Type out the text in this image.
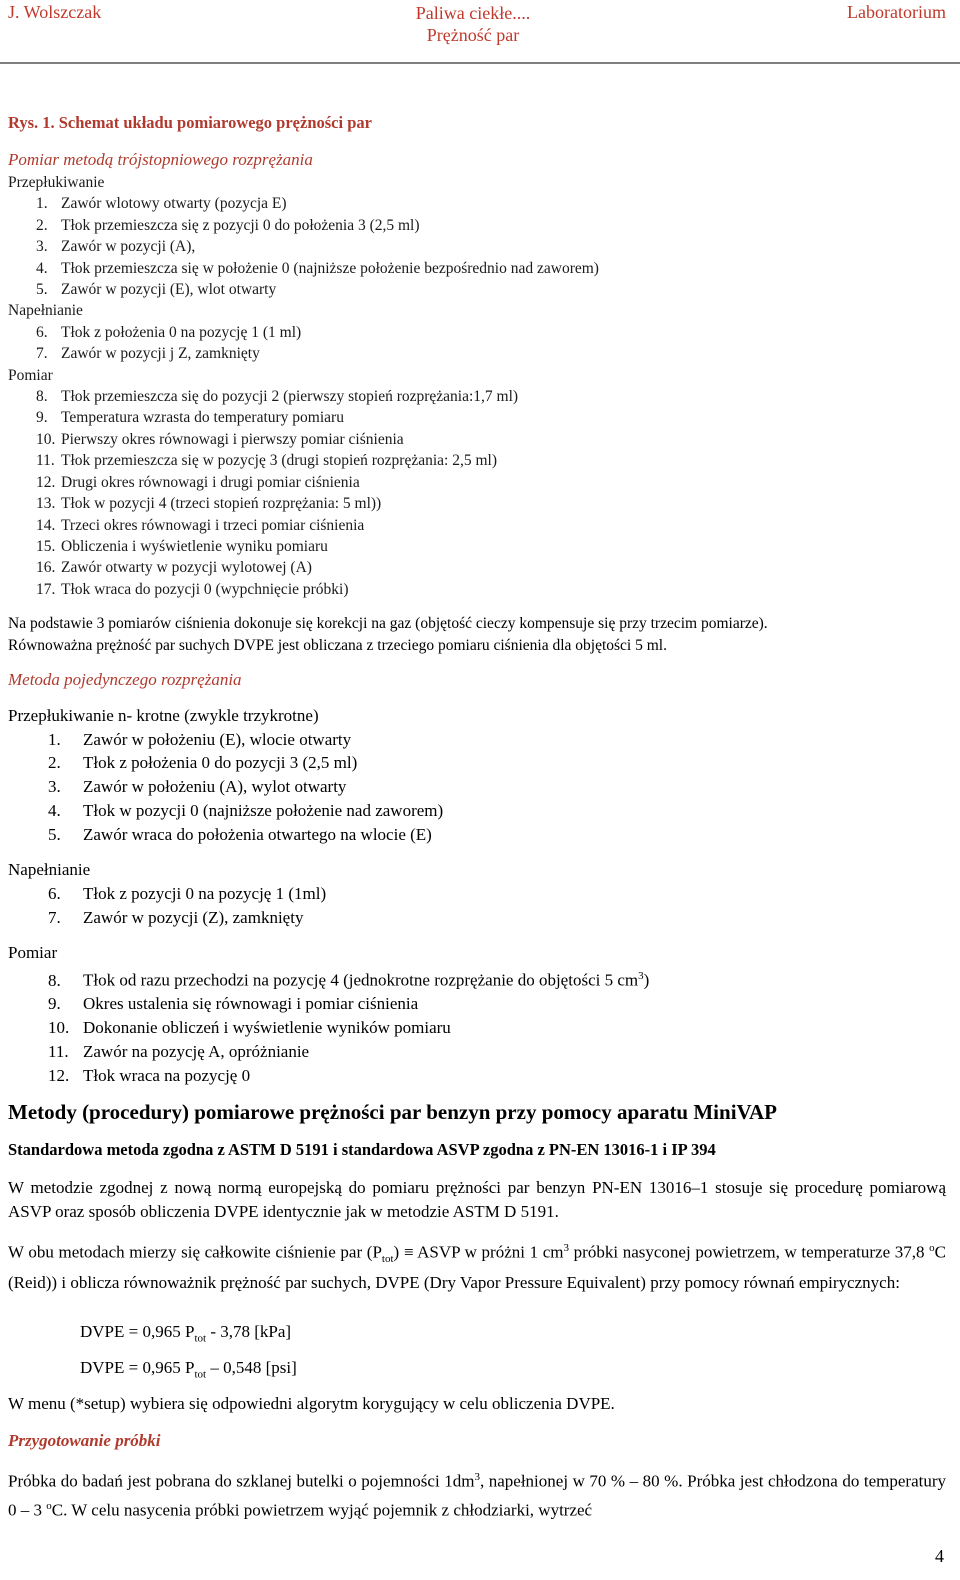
J. Wolszczak	Paliwa ciekłe....
Prężność par
Laboratorium
Rys. 1. Schemat układu pomiarowego prężności par
Pomiar metodą trójstopniowego rozprężania
Przepłukiwanie
1. Zawór wlotowy otwarty (pozycja E)
2. Tłok przemieszcza się z pozycji 0 do położenia 3 (2,5 ml)
3. Zawór w pozycji (A),
4. Tłok przemieszcza się w położenie 0 (najniższe położenie bezpośrednio nad zaworem)
5. Zawór w pozycji (E), wlot otwarty
Napełnianie
6. Tłok z położenia 0 na pozycję 1 (1 ml)
7. Zawór w pozycji j Z, zamknięty
Pomiar
8. Tłok przemieszcza się do pozycji 2 (pierwszy stopień rozprężania:1,7 ml)
9. Temperatura wzrasta do temperatury pomiaru
10. Pierwszy okres równowagi i pierwszy pomiar ciśnienia
11. Tłok przemieszcza się w pozycję 3 (drugi stopień rozprężania: 2,5 ml)
12. Drugi okres równowagi i drugi pomiar ciśnienia
13. Tłok w pozycji 4 (trzeci stopień rozprężania: 5 ml))
14. Trzeci okres równowagi i trzeci pomiar ciśnienia
15. Obliczenia i wyświetlenie wyniku pomiaru
16. Zawór otwarty w pozycji wylotowej (A)
17. Tłok wraca do pozycji 0 (wypchnięcie próbki)
Na podstawie 3 pomiarów ciśnienia dokonuje się korekcji na gaz (objętość cieczy kompensuje się przy trzecim pomiarze).
Równoważna prężność par suchych DVPE jest obliczana z trzeciego pomiaru ciśnienia dla objętości 5 ml.
Metoda pojedynczego rozprężania
Przepłukiwanie n- krotne (zwykle trzykrotne)
1. Zawór w położeniu (E), wlocie otwarty
2. Tłok z położenia 0 do pozycji 3 (2,5 ml)
3. Zawór w położeniu (A), wylot otwarty
4. Tłok w pozycji 0 (najniższe położenie nad zaworem)
5. Zawór wraca do położenia otwartego na wlocie (E)
Napełnianie
6. Tłok z pozycji 0 na pozycję 1 (1ml)
7. Zawór w pozycji (Z), zamknięty
Pomiar
8. Tłok od razu przechodzi na pozycję 4 (jednokrotne rozprężanie do objętości 5 $cm^3$)
9. Okres ustalenia się równowagi i pomiar ciśnienia
10. Dokonanie obliczeń i wyświetlenie wyników pomiaru
11. Zawór na pozycję A, opróżnianie
12. Tłok wraca na pozycję 0
Metody (procedury) pomiarowe prężności par benzyn przy pomocy aparatu MiniVAP
Standardowa metoda zgodna z ASTM D 5191 i standardowa ASVP zgodna z PN-EN 13016-1 i IP 394
W metodzie zgodnej z nową normą europejską do pomiaru prężności par benzyn PN-EN 13016–1 stosuje się procedurę pomiarową ASVP oraz sposób obliczenia DVPE identycznie jak w metodzie ASTM D 5191.
W obu metodach mierzy się całkowite ciśnienie par $(P_{tot})$ ≡ ASVP w próżni 1 $cm^3$ próbki nasyconej powietrzem, w temperaturze 37,8 $^o$C (Reid)) i oblicza równoważnik prężność par suchych, DVPE (Dry Vapor Pressure Equivalent) przy pomocy równań empirycznych:
DVPE = 0,965 $P_{tot} - 3,78$ [kPa]
DVPE = 0,965 $P_{tot} - 0,548$ [psi]
W menu (*setup) wybiera się odpowiedni algorytm korygujący w celu obliczenia DVPE.
Przygotowanie próbki
Próbka do badań jest pobrana do szklanej butelki o pojemności $1dm^3$, napełnionej w 70 % – 80 %. Próbka jest chłodzona do temperatury 0 – 3 $^o$C. W celu nasycenia próbki powietrzem wyjąć pojemnik z chłodziarki, wytrzeć
4
